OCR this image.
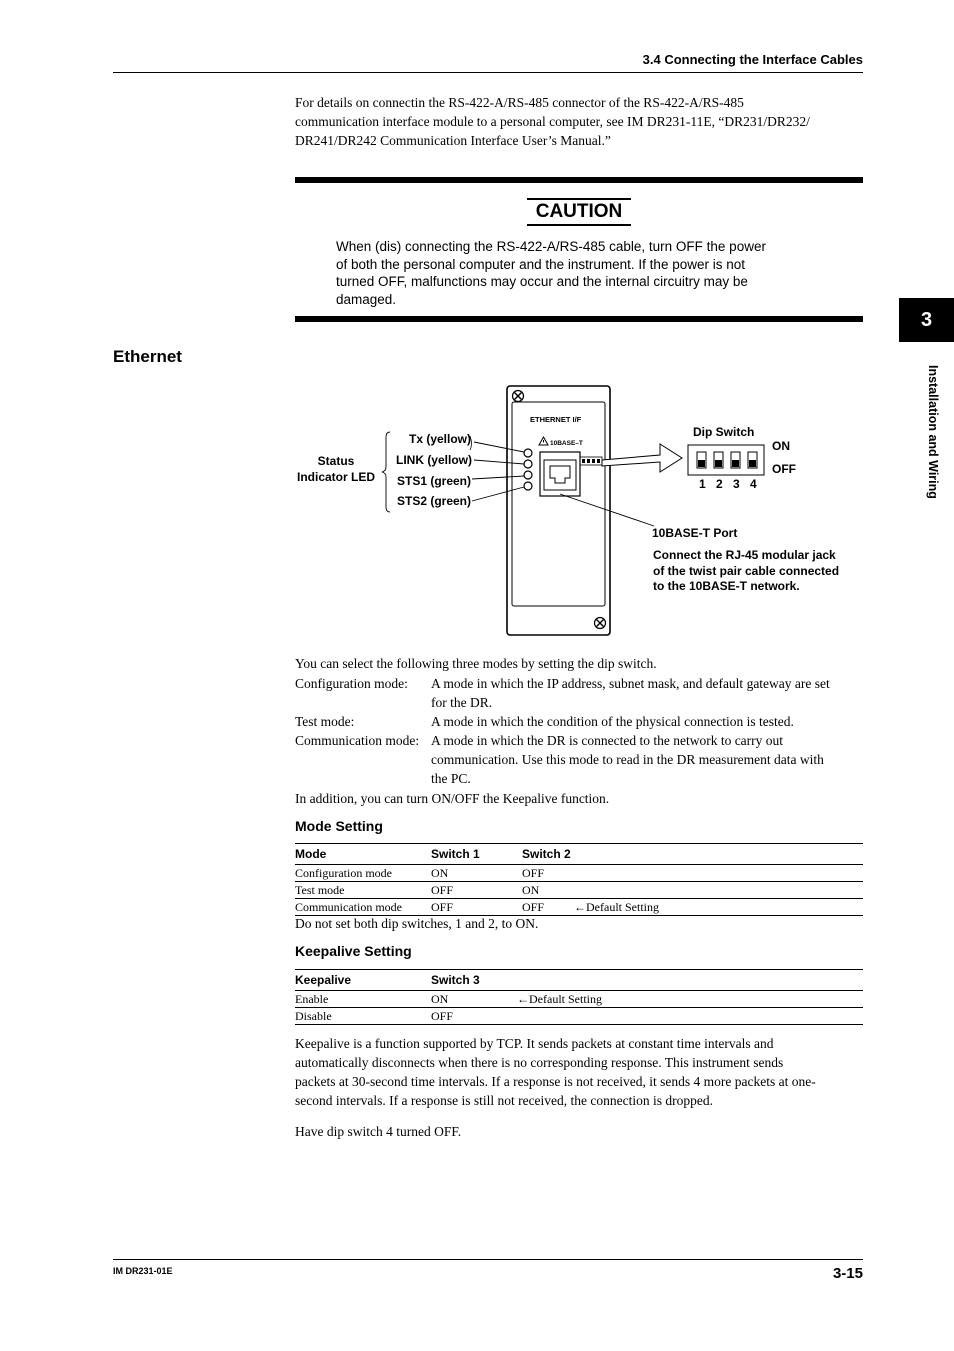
3.4 Connecting the Interface Cables
For details on connectin the RS-422-A/RS-485 connector of the RS-422-A/RS-485
communication interface module to a personal computer, see IM DR231-11E, “DR231/DR232/
DR241/DR242 Communication Interface User’s Manual.”
CAUTION
When (dis) connecting the RS-422-A/RS-485 cable, turn OFF the power
of both the personal computer and the instrument. If the power is not
turned OFF, malfunctions may occur and the internal circuitry may be
damaged.
3
Installation and Wiring
Ethernet
ETHERNET I/F
10BASE–T
Status
Indicator LED
Tx (yellow)
LINK (yellow)
STS1 (green)
STS2 (green)
Dip Switch
ON
OFF
1 2 3 4
10BASE-T Port
Connect the RJ-45 modular jack
of the twist pair cable connected
to the 10BASE-T network.
You can select the following three modes by setting the dip switch.
Configuration mode: A mode in which the IP address, subnet mask, and default gateway are set
for the DR.
Test mode:	A mode in which the condition of the physical connection is tested.
Communication mode: A mode in which the DR is connected to the network to carry out
communication. Use this mode to read in the DR measurement data with
the PC.
In addition, you can turn ON/OFF the Keepalive function.
Mode Setting
Mode	Switch 1	Switch 2	
Configuration mode	ON	OFF	
Test mode	OFF	ON	
Communication mode	OFF	OFF	←Default Setting
Do not set both dip switches, 1 and 2, to ON.
Keepalive Setting
Keepalive	Switch 3	
Enable	ON	←Default Setting
Disable	OFF	
Keepalive is a function supported by TCP. It sends packets at constant time intervals and
automatically disconnects when there is no corresponding response. This instrument sends
packets at 30-second time intervals. If a response is not received, it sends 4 more packets at one-
second intervals. If a response is still not received, the connection is dropped.
Have dip switch 4 turned OFF.
IM DR231-01E	3-15
